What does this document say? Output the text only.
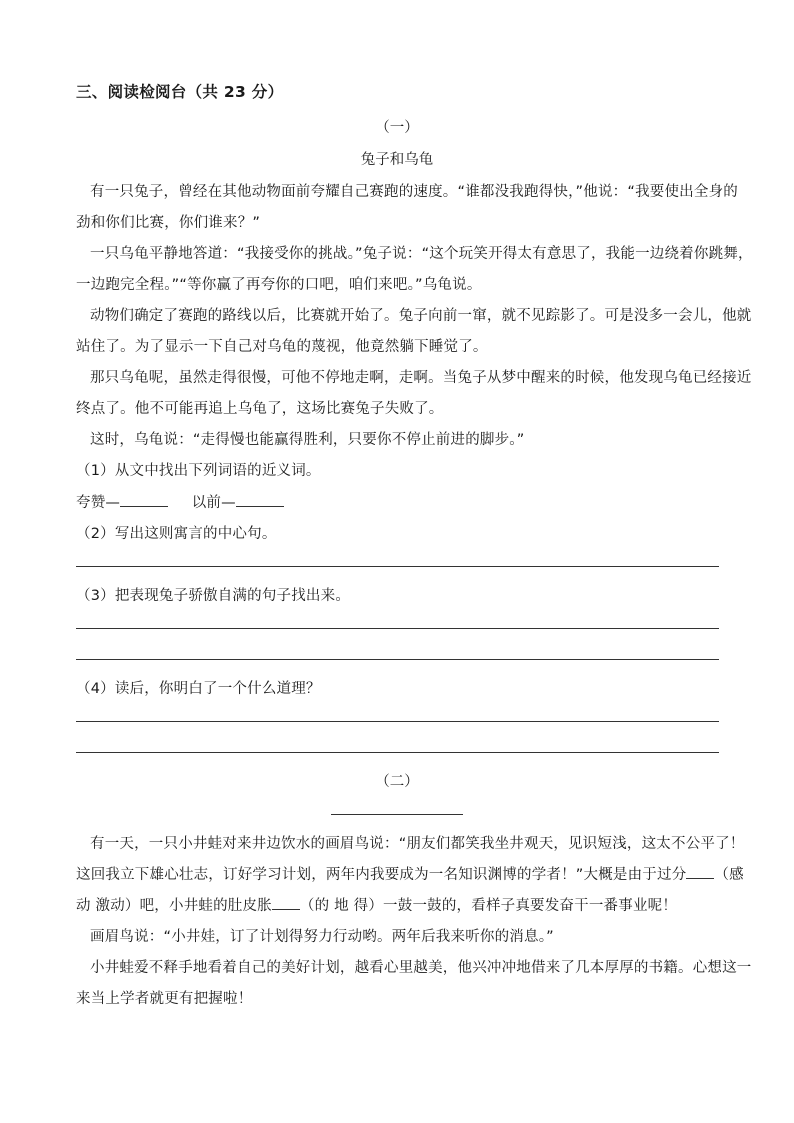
三、阅读检阅台（共 23 分）
（一）
兔子和乌龟
有一只兔子，曾经在其他动物面前夸耀自己赛跑的速度。“谁都没我跑得快，”他说：“我要使出全身的
劲和你们比赛，你们谁来？”
一只乌龟平静地答道：“我接受你的挑战。”兔子说：“这个玩笑开得太有意思了，我能一边绕着你跳舞，
一边跑完全程。”“等你赢了再夸你的口吧，咱们来吧。”乌龟说。
动物们确定了赛跑的路线以后，比赛就开始了。兔子向前一窜，就不见踪影了。可是没多一会儿，他就
站住了。为了显示一下自己对乌龟的蔑视，他竟然躺下睡觉了。
那只乌龟呢，虽然走得很慢，可他不停地走啊，走啊。当兔子从梦中醒来的时候，他发现乌龟已经接近
终点了。他不可能再追上乌龟了，这场比赛兔子失败了。
这时，乌龟说：“走得慢也能赢得胜利，只要你不停止前进的脚步。”
（1）从文中找出下列词语的近义词。
夸赞—	以前—
（2）写出这则寓言的中心句。
（3）把表现兔子骄傲自满的句子找出来。
（4）读后，你明白了一个什么道理？
（二）
有一天，一只小井蛙对来井边饮水的画眉鸟说：“朋友们都笑我坐井观天，见识短浅，这太不公平了！
这回我立下雄心壮志，订好学习计划，两年内我要成为一名知识渊博的学者！”大概是由于过分 （感
动 激动）吧，小井蛙的肚皮胀 （的 地 得）一鼓一鼓的，看样子真要发奋干一番事业呢！
画眉鸟说：“小井娃，订了计划得努力行动哟。两年后我来听你的消息。”
小井蛙爱不释手地看着自己的美好计划，越看心里越美，他兴冲冲地借来了几本厚厚的书籍。心想这一
来当上学者就更有把握啦！
